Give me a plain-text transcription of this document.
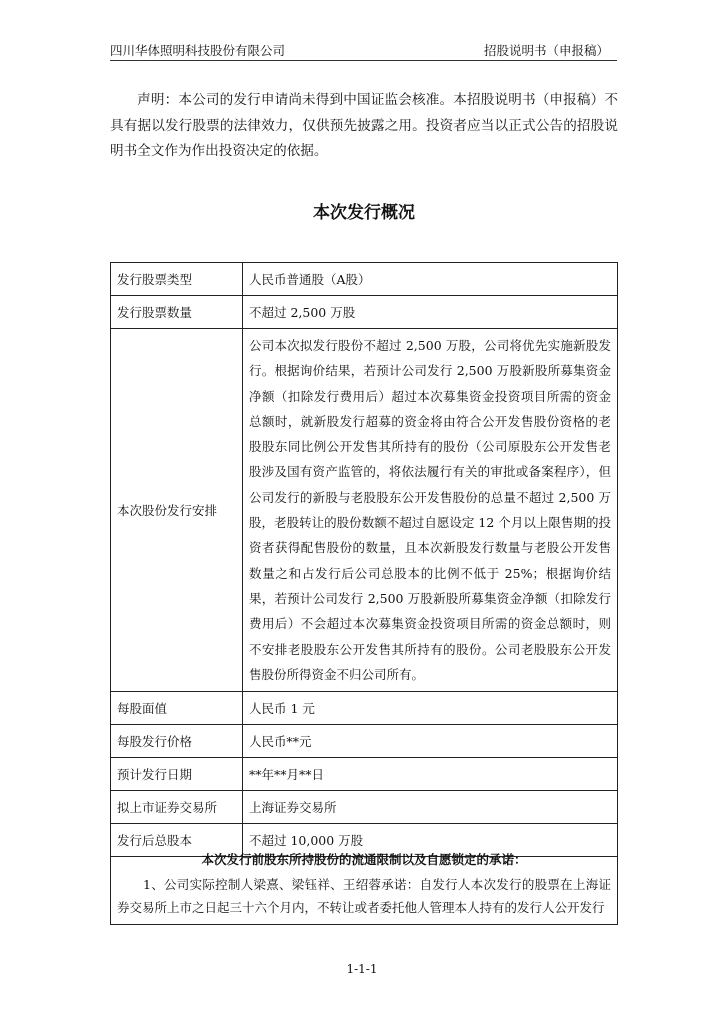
四川华体照明科技股份有限公司	招股说明书（申报稿）
声明：本公司的发行申请尚未得到中国证监会核准。本招股说明书（申报稿）不具有据以发行股票的法律效力，仅供预先披露之用。投资者应当以正式公告的招股说明书全文作为作出投资决定的依据。
本次发行概况
发行股票类型	人民币普通股（A股）
发行股票数量	不超过 2,500 万股
本次股份发行安排	公司本次拟发行股份不超过 2,500 万股，公司将优先实施新股发行。根据询价结果，若预计公司发行 2,500 万股新股所募集资金净额（扣除发行费用后）超过本次募集资金投资项目所需的资金总额时，就新股发行超募的资金将由符合公开发售股份资格的老股股东同比例公开发售其所持有的股份（公司原股东公开发售老股涉及国有资产监管的，将依法履行有关的审批或备案程序），但公司发行的新股与老股股东公开发售股份的总量不超过 2,500 万股，老股转让的股份数额不超过自愿设定 12 个月以上限售期的投资者获得配售股份的数量，且本次新股发行数量与老股公开发售数量之和占发行后公司总股本的比例不低于 25%；根据询价结果，若预计公司发行 2,500 万股新股所募集资金净额（扣除发行费用后）不会超过本次募集资金投资项目所需的资金总额时，则不安排老股股东公开发售其所持有的股份。公司老股股东公开发售股份所得资金不归公司所有。
每股面值	人民币 1 元
每股发行价格	人民币**元
预计发行日期	**年**月**日
拟上市证券交易所	上海证券交易所
发行后总股本	不超过 10,000 万股
本次发行前股东所持股份的流通限制以及自愿锁定的承诺：
1、公司实际控制人梁熹、梁钰祥、王绍蓉承诺：自发行人本次发行的股票在上海证券交易所上市之日起三十六个月内，不转让或者委托他人管理本人持有的发行人公开发行
1-1-1
